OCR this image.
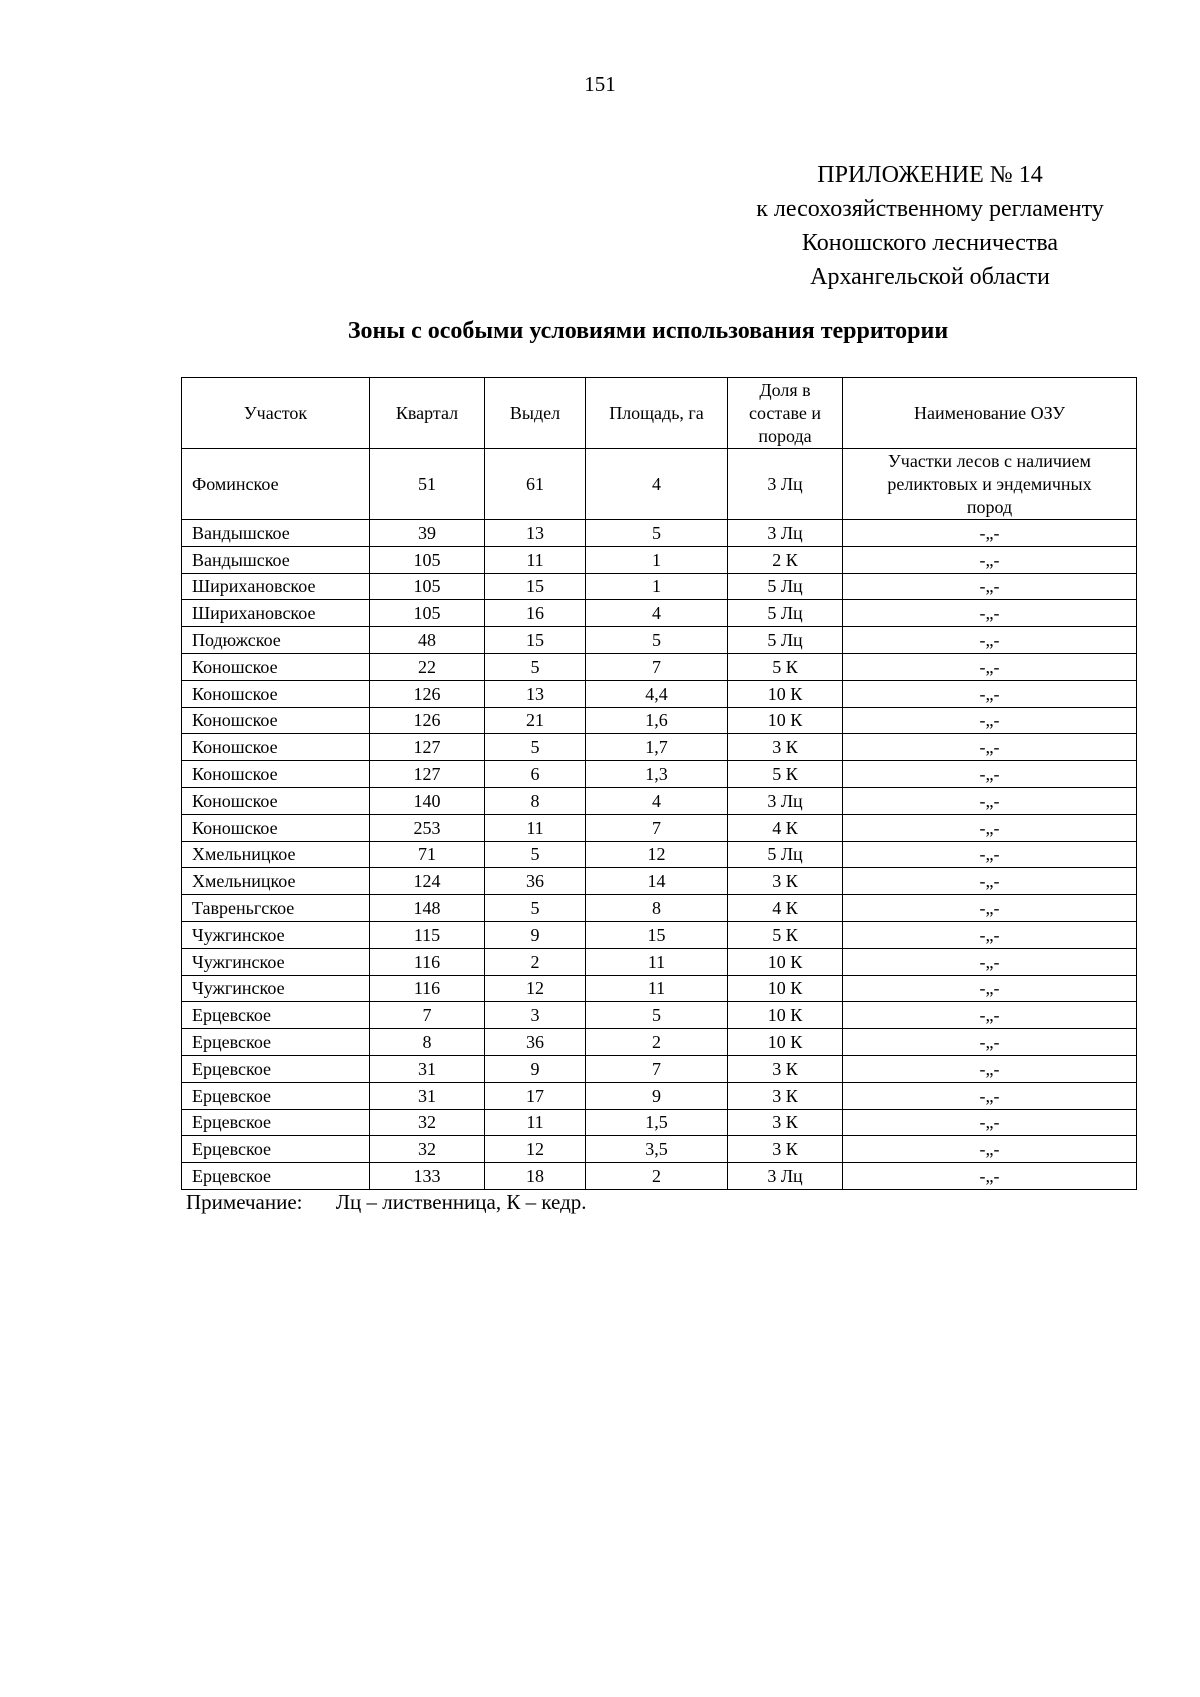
151
ПРИЛОЖЕНИЕ № 14
к лесохозяйственному регламенту
Коношского лесничества
Архангельской области
Зоны с особыми условиями использования территории
Участок	Квартал	Выдел	Площадь, га	Доля в составе и порода	Наименование ОЗУ
Фоминское	51	61	4	3 Лц	Участки лесов с наличием реликтовых и эндемичных пород
Вандышское	39	13	5	3 Лц	-„-
Вандышское	105	11	1	2 К	-„-
Шириxановское	105	15	1	5 Лц	-„-
Шириxановское	105	16	4	5 Лц	-„-
Подюжское	48	15	5	5 Лц	-„-
Коношское	22	5	7	5 К	-„-
Коношское	126	13	4,4	10 К	-„-
Коношское	126	21	1,6	10 К	-„-
Коношское	127	5	1,7	3 К	-„-
Коношское	127	6	1,3	5 К	-„-
Коношское	140	8	4	3 Лц	-„-
Коношское	253	11	7	4 К	-„-
Хмельницкое	71	5	12	5 Лц	-„-
Хмельницкое	124	36	14	3 К	-„-
Тавреньгское	148	5	8	4 К	-„-
Чужгинское	115	9	15	5 К	-„-
Чужгинское	116	2	11	10 К	-„-
Чужгинское	116	12	11	10 К	-„-
Ерцевское	7	3	5	10 К	-„-
Ерцевское	8	36	2	10 К	-„-
Ерцевское	31	9	7	3 К	-„-
Ерцевское	31	17	9	3 К	-„-
Ерцевское	32	11	1,5	3 К	-„-
Ерцевское	32	12	3,5	3 К	-„-
Ерцевское	133	18	2	3 Лц	-„-
Примечание: Лц – лиственница, К – кедр.
